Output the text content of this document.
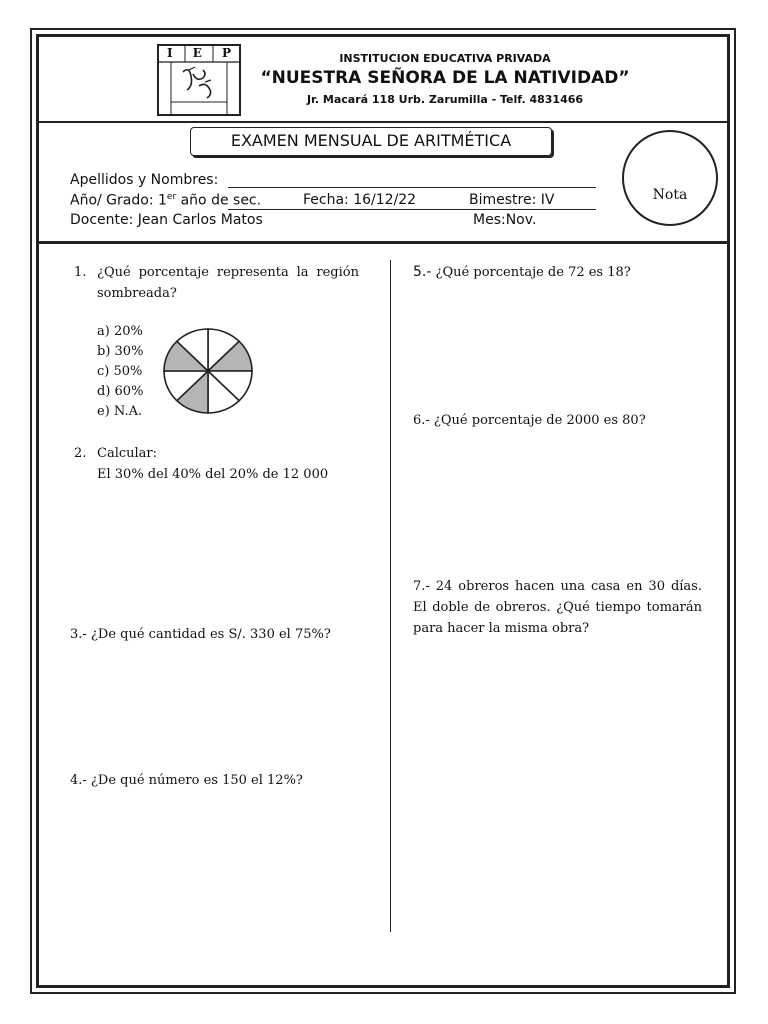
I E P	INSTITUCION EDUCATIVA PRIVADA
“NUESTRA SEÑORA DE LA NATIVIDAD”
Jr. Macará 118 Urb. Zarumilla - Telf. 4831466
EXAMEN MENSUAL DE ARITMÉTICA
Nota
Apellidos y Nombres:
Año/ Grado: 1er año de sec.	Fecha: 16/12/22	Bimestre: IV
Docente: Jean Carlos Matos	Mes:Nov.
1. ¿Qué porcentaje representa la región sombreada?
a) 20%
b) 30%
c) 50%
d) 60%
e) N.A.
2. Calcular:
El 30% del 40% del 20% de 12 000
3.- ¿De qué cantidad es S/. 330 el 75%?
4.- ¿De qué número es 150 el 12%?
5.- ¿Qué porcentaje de 72 es 18?
6.- ¿Qué porcentaje de 2000 es 80?
7.- 24 obreros hacen una casa en 30 días. El doble de obreros. ¿Qué tiempo tomarán para hacer la misma obra?
